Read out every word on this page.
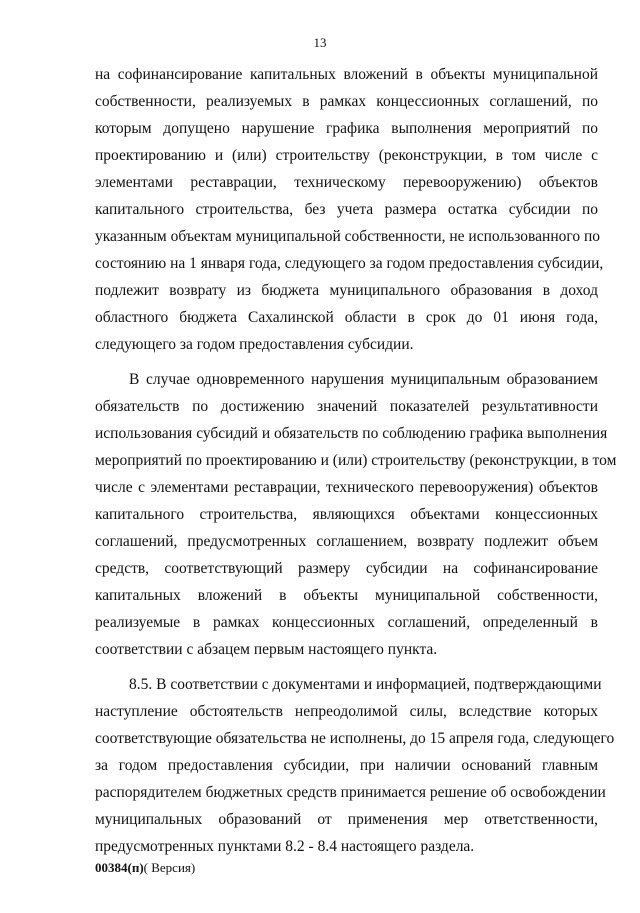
13
на софинансирование капитальных вложений в объекты муниципальной
собственности, реализуемых в рамках концессионных соглашений, по
которым допущено нарушение графика выполнения мероприятий по
проектированию и (или) строительству (реконструкции, в том числе с
элементами реставрации, техническому перевооружению) объектов
капитального строительства, без учета размера остатка субсидии по
указанным объектам муниципальной собственности, не использованного по
состоянию на 1 января года, следующего за годом предоставления субсидии,
подлежит возврату из бюджета муниципального образования в доход
областного бюджета Сахалинской области в срок до 01 июня года,
следующего за годом предоставления субсидии.
В случае одновременного нарушения муниципальным образованием
обязательств по достижению значений показателей результативности
использования субсидий и обязательств по соблюдению графика выполнения
мероприятий по проектированию и (или) строительству (реконструкции, в том
числе с элементами реставрации, технического перевооружения) объектов
капитального строительства, являющихся объектами концессионных
соглашений, предусмотренных соглашением, возврату подлежит объем
средств, соответствующий размеру субсидии на софинансирование
капитальных вложений в объекты муниципальной собственности,
реализуемые в рамках концессионных соглашений, определенный в
соответствии с абзацем первым настоящего пункта.
8.5. В соответствии с документами и информацией, подтверждающими
наступление обстоятельств непреодолимой силы, вследствие которых
соответствующие обязательства не исполнены, до 15 апреля года, следующего
за годом предоставления субсидии, при наличии оснований главным
распорядителем бюджетных средств принимается решение об освобождении
муниципальных образований от применения мер ответственности,
предусмотренных пунктами 8.2 - 8.4 настоящего раздела.
00384(п)( Версия)
